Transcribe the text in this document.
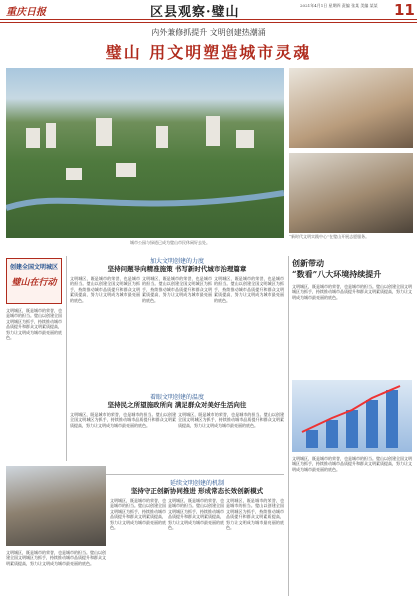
重庆日报	区县观察·璧山	2021年4月1日 星期四 责编 张某 美编 某某 11
内外兼修抓提升 文明创建热潮涌
璧山 用文明塑造城市灵魂
城市公园与绿道已成为璧山市民休闲好去处。
“新时代文明实践中心”在璧山开展志愿服务。
创建全国文明城区
璧山在行动
文明城区，既是城市的荣誉，也是城市的担当。璧山以创建全国文明城区为抓手，持续推动城市品质提升和群众文明素质提高，努力让文明成为城市最亮丽的底色。
加大文明创建的力度
坚持问题导向精准施策 书写新时代城市治理篇章
文明城区，既是城市的荣誉，也是城市的担当。璧山以创建全国文明城区为抓手，持续推动城市品质提升和群众文明素质提高，努力让文明成为城市最亮丽的底色。
文明城区，既是城市的荣誉，也是城市的担当。璧山以创建全国文明城区为抓手，持续推动城市品质提升和群众文明素质提高，努力让文明成为城市最亮丽的底色。
文明城区，既是城市的荣誉，也是城市的担当。璧山以创建全国文明城区为抓手，持续推动城市品质提升和群众文明素质提高，努力让文明成为城市最亮丽的底色。
着眼文明创建的温度
坚持民之所望施政所向 满足群众对美好生活向往
文明城区，既是城市的荣誉，也是城市的担当。璧山以创建全国文明城区为抓手，持续推动城市品质提升和群众文明素质提高，努力让文明成为城市最亮丽的底色。
文明城区，既是城市的荣誉，也是城市的担当。璧山以创建全国文明城区为抓手，持续推动城市品质提升和群众文明素质提高，努力让文明成为城市最亮丽的底色。
延续文明创建的机制
坚持守正创新协同推进 形成常态长效创新模式
文明城区，既是城市的荣誉，也是城市的担当。璧山以创建全国文明城区为抓手，持续推动城市品质提升和群众文明素质提高，努力让文明成为城市最亮丽的底色。
文明城区，既是城市的荣誉，也是城市的担当。璧山以创建全国文明城区为抓手，持续推动城市品质提升和群众文明素质提高，努力让文明成为城市最亮丽的底色。
文明城区，既是城市的荣誉，也是城市的担当。璧山以创建全国文明城区为抓手，持续推动城市品质提升和群众文明素质提高，努力让文明成为城市最亮丽的底色。
文明城区，既是城市的荣誉，也是城市的担当。璧山以创建全国文明城区为抓手，持续推动城市品质提升和群众文明素质提高，努力让文明成为城市最亮丽的底色。
创新带动
“数看”八大环境持续提升
文明城区，既是城市的荣誉，也是城市的担当。璧山以创建全国文明城区为抓手，持续推动城市品质提升和群众文明素质提高，努力让文明成为城市最亮丽的底色。
文明城区，既是城市的荣誉，也是城市的担当。璧山以创建全国文明城区为抓手，持续推动城市品质提升和群众文明素质提高，努力让文明成为城市最亮丽的底色。
